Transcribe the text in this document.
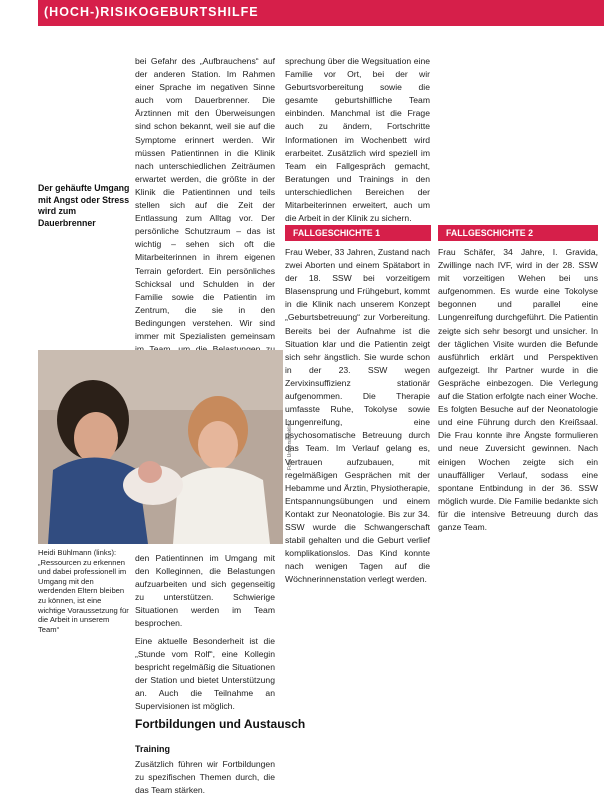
(HOCH-)RISIKOGEBURTSHILFE

bei Gefahr des „Aufbrauchens“ auf der anderen Station. Im Rahmen einer Sprache im negativen Sinne auch vom Dauerbrenner. Die Ärztinnen mit den Überweisungen sind schon bekannt, weil sie auf die Symptome erinnert werden. Wir müssen Patientinnen in die Klinik nach unterschiedlichen Zeiträumen erwartet werden, die größte in der Klinik die Patientinnen und teils stellen sich auf die Zeit der Entlassung zum Alltag vor. Der persönliche Schutzraum – das ist wichtig – sehen sich oft die Mitarbeiterinnen in ihrem eigenen Terrain gefordert. Ein persönliches Schicksal und Schulden in der Familie sowie die Patientin im Zentrum, die sie in den Bedingungen verstehen. Wir sind immer mit Spezialisten gemeinsam

sprechung über die Wegsituation eine Familie vor Ort, bei der wir Geburtsvorbereitung sowie die gesamte geburtshilfliche Team einbinden. Manchmal ist die Frage auch zu ändern, Fortschritte Informationen im Wochenbett wird erarbeitet. Zusätzlich wird speziell im Team ein Fallgespräch gemacht, Beratungen und Trainings in den unterschiedlichen Bereichen der Mitarbeiterinnen erweitert, auch um die Arbeit in der Klinik zu sichern.

Der gehäufte Umgang mit Angst oder Stress wird zum Dauerbrenner
FALLGESCHICHTE 1	FALLGESCHICHTE 2
Frau Weber, 33 Jahren, Zustand nach zwei Aborten und einem Spätabort in der 18. SSW bei vorzeitigem Blasensprung und Frühgeburt, kommt in die Klinik nach unserem Konzept „Geburtsbetreuung“ zur Vorbereitung. Bereits bei der Aufnahme ist die Situation klar und die Patientin zeigt sich sehr ängstlich. Sie wurde schon in der 23. SSW wegen Zervixinsuffizienz stationär aufgenommen. Die Therapie umfasste Ruhe, Tokolyse sowie Lungenreifung, eine psychosomatische Betreuung durch das Team. Im Verlauf gelang es, Vertrauen aufzubauen, mit regelmäßigen Gesprächen mit der Hebamme und Ärztin, Physiotherapie, Entspannungsübungen und einem Kontakt zur Neonatologie. Bis zur 34. SSW wurde die Schwangerschaft stabil gehalten und die Geburt verlief komplikationslos. Das Kind konnte nach wenigen Tagen auf die Wöchnerinnenstation verlegt werden.
Frau Schäfer, 34 Jahre, I. Gravida, Zwillinge nach IVF, wird in der 28. SSW mit vorzeitigen Wehen bei uns aufgenommen. Es wurde eine Tokolyse begonnen und parallel eine Lungenreifung durchgeführt. Die Patientin zeigte sich sehr besorgt und unsicher. In der täglichen Visite wurden die Befunde ausführlich erklärt und Perspektiven aufgezeigt. Ihr Partner wurde in die Gespräche einbezogen. Die Verlegung auf die Station erfolgte nach einer Woche. Es folgten Besuche auf der Neonatologie und eine Führung durch den Kreißsaal. Die Frau konnte ihre Ängste formulieren und neue Zuversicht gewinnen. Nach einigen Wochen zeigte sich ein unauffälliger Verlauf, sodass eine spontane Entbindung in der 36. SSW möglich wurde. Die Familie bedankte sich für die intensive Betreuung durch das ganze Team.
Foto: Universitätsklinik
Heidi Bühlmann (links): „Ressourcen zu erkennen und dabei professionell im Umgang mit den werdenden Eltern bleiben zu können, ist eine wichtige Voraussetzung für die Arbeit in unserem Team“

den Patientinnen im Umgang mit den Kolleginnen, die Belastungen aufzuarbeiten und sich gegenseitig zu unterstützen. Schwierige Situationen werden im Team besprochen.

Eine aktuelle Besonderheit ist die „Stunde vom Rolf“, eine Kollegin bespricht regelmäßig die Situationen der Station und bietet Unterstützung an. Auch die Teilnahme an Supervisionen ist möglich.

Fortbildungen und Austausch
Training
Zusätzlich führen wir Fortbildungen zu spezifischen Themen durch, die das Team stärken.
